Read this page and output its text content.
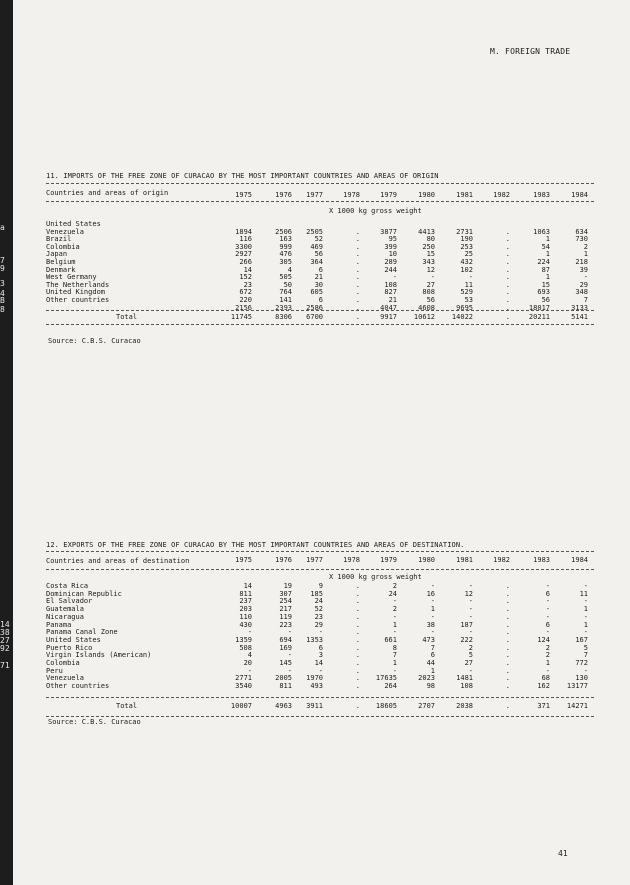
a
7
9
3
4
B
8
14
38
27
92
71
M. FOREIGN TRADE
11. IMPORTS OF THE FREE ZONE OF CURACAO BY THE MOST IMPORTANT COUNTRIES AND AREAS OF ORIGIN
Countries and areas of origin
X 1000 kg gross weight
1975	1976	1977	1978	1979	1980	1981	1982	1983	1984
United States
Venezuela	1894	2506	2505	.	3877	4413	2731	.	1063	634
Brazil	116	163	52	.	95	80	190	.	1	730
Colombia	3300	999	469	.	399	250	253	.	54	2
Japan	2927	476	56	.	10	15	25	.	1	1
Belgium	266	305	364	.	289	343	432	.	224	218
Denmark	14	4	6	.	244	12	102	.	87	39
West Germany	152	505	21	.	-	-	-	.	1	-
The Netherlands	23	50	30	.	108	27	11	.	15	29
United Kingdom	672	764	605	.	827	808	529	.	693	348
Other countries	220	141	6	.	21	56	53	.	56	7
2156	2393	2586	.	4047	4608	9695	.	18017	3133
Total	11745	8306	6700	.	9917	10612	14022	.	20211	5141
Source: C.B.S. Curacao
12. EXPORTS OF THE FREE ZONE OF CURACAO BY THE MOST IMPORTANT COUNTRIES AND AREAS OF DESTINATION.
Countries and areas of destination
X 1000 kg gross weight
1975	1976	1977	1978	1979	1980	1981	1982	1983	1984
Costa Rica	14	19	9	.	2	-	-	.	-	-
Dominican Republic	811	307	185	.	24	16	12	.	6	11
El Salvador	237	254	24	.	-	-	-	.	-	-
Guatemala	203	217	52	.	2	1	-	.	-	1
Nicaragua	110	119	23	.	-	-	-	.	-	-
Panama	430	223	29	.	1	38	187	.	6	1
Panama Canal Zone	-	-	-	.	-	-	-	.	-	-
United States	1359	694	1353	.	661	473	222	.	124	167
Puerto Rico	508	169	6	.	8	7	2	.	2	5
Virgin Islands (American)	4	-	3	.	7	6	5	.	2	7
Colombia	20	145	14	.	1	44	27	.	1	772
Peru	-	-	-	.	-	1	-	.	-	-
Venezuela	2771	2005	1970	.	17635	2023	1481	.	68	130
Other countries	3540	811	493	.	264	98	108	.	162	13177
Total	10007	4963	3911	.	18605	2707	2038	.	371	14271
Source: C.B.S. Curacao
41
